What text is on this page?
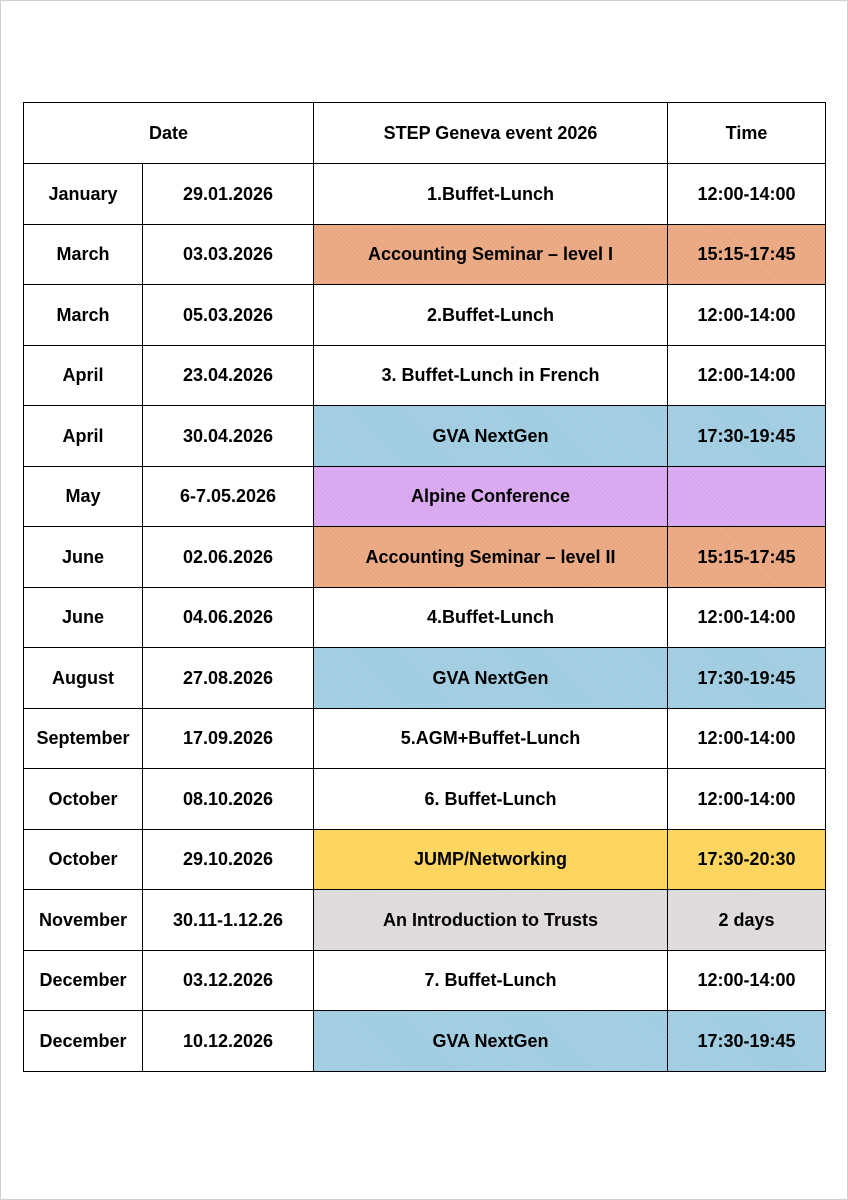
Date		STEP Geneva event 2026	Time
January	29.01.2026	1.Buffet-Lunch	12:00-14:00
March	03.03.2026	Accounting Seminar – level I	15:15-17:45
March	05.03.2026	2.Buffet-Lunch	12:00-14:00
April	23.04.2026	3. Buffet-Lunch in French	12:00-14:00
April	30.04.2026	GVA NextGen	17:30-19:45
May	6-7.05.2026	Alpine Conference	
June	02.06.2026	Accounting Seminar – level II	15:15-17:45
June	04.06.2026	4.Buffet-Lunch	12:00-14:00
August	27.08.2026	GVA NextGen	17:30-19:45
September	17.09.2026	5.AGM+Buffet-Lunch	12:00-14:00
October	08.10.2026	6. Buffet-Lunch	12:00-14:00
October	29.10.2026	JUMP/Networking	17:30-20:30
November	30.11-1.12.26	An Introduction to Trusts	2 days
December	03.12.2026	7. Buffet-Lunch	12:00-14:00
December	10.12.2026	GVA NextGen	17:30-19:45
